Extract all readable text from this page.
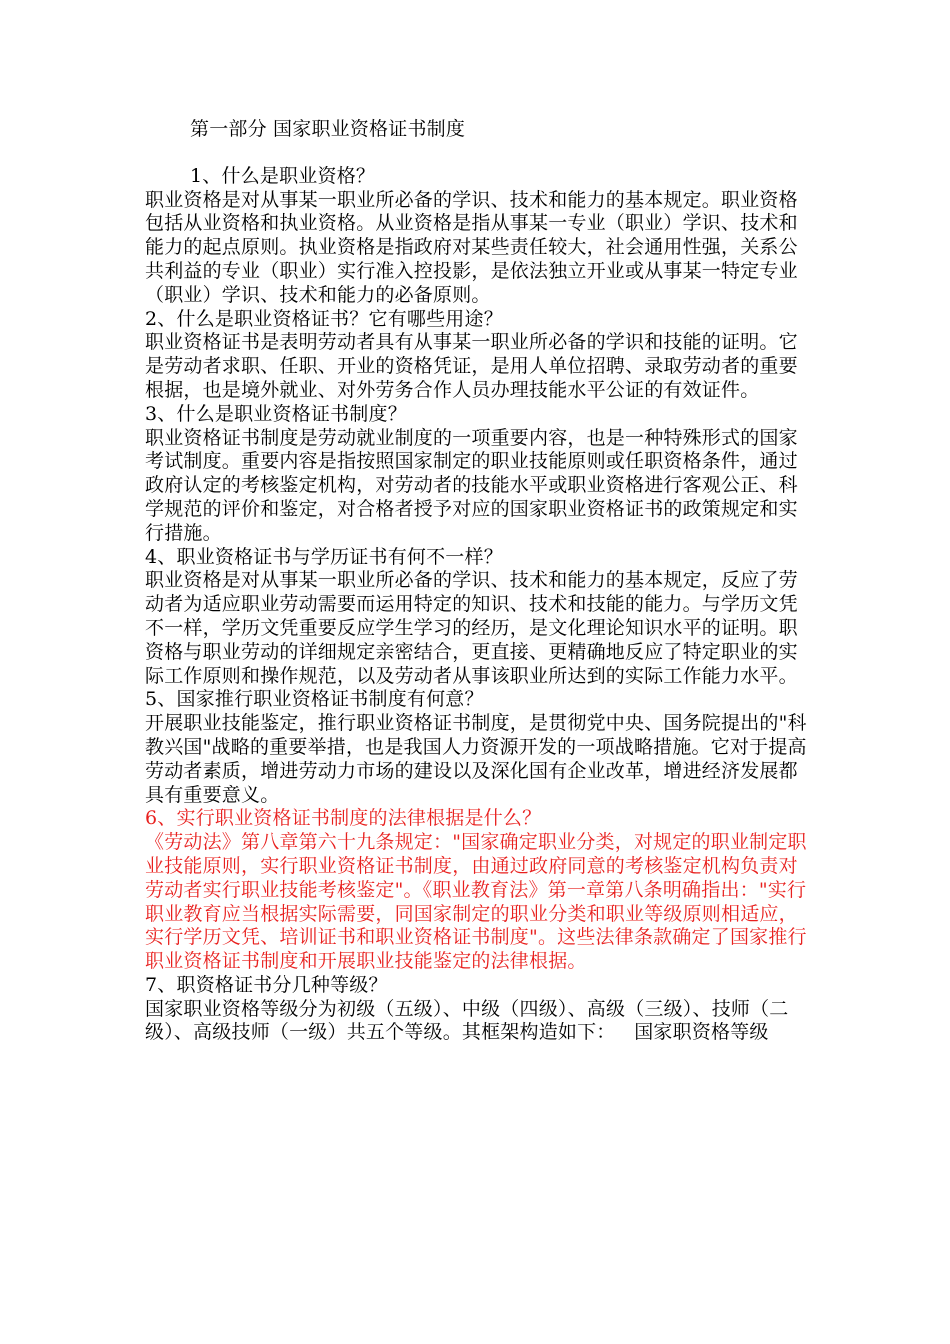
第一部分 国家职业资格证书制度

1、什么是职业资格？

职业资格是对从事某一职业所必备的学识、技术和能力的基本规定。职业资格包括从业资格和执业资格。从业资格是指从事某一专业（职业）学识、技术和能力的起点原则。执业资格是指政府对某些责任较大，社会通用性强，关系公共利益的专业（职业）实行准入控投影，是依法独立开业或从事某一特定专业（职业）学识、技术和能力的必备原则。

2、什么是职业资格证书？它有哪些用途？

职业资格证书是表明劳动者具有从事某一职业所必备的学识和技能的证明。它是劳动者求职、任职、开业的资格凭证，是用人单位招聘、录取劳动者的重要根据，也是境外就业、对外劳务合作人员办理技能水平公证的有效证件。

3、什么是职业资格证书制度？

职业资格证书制度是劳动就业制度的一项重要内容，也是一种特殊形式的国家考试制度。重要内容是指按照国家制定的职业技能原则或任职资格条件，通过政府认定的考核鉴定机构，对劳动者的技能水平或职业资格进行客观公正、科学规范的评价和鉴定，对合格者授予对应的国家职业资格证书的政策规定和实行措施。

4、职业资格证书与学历证书有何不一样？

职业资格是对从事某一职业所必备的学识、技术和能力的基本规定，反应了劳动者为适应职业劳动需要而运用特定的知识、技术和技能的能力。与学历文凭不一样，学历文凭重要反应学生学习的经历，是文化理论知识水平的证明。职资格与职业劳动的详细规定亲密结合，更直接、更精确地反应了特定职业的实际工作原则和操作规范，以及劳动者从事该职业所达到的实际工作能力水平。

5、国家推行职业资格证书制度有何意？

开展职业技能鉴定，推行职业资格证书制度，是贯彻党中央、国务院提出的"科教兴国"战略的重要举措，也是我国人力资源开发的一项战略措施。它对于提高劳动者素质，增进劳动力市场的建设以及深化国有企业改革，增进经济发展都具有重要意义。

6、实行职业资格证书制度的法律根据是什么？

《劳动法》第八章第六十九条规定："国家确定职业分类，对规定的职业制定职业技能原则，实行职业资格证书制度，由通过政府同意的考核鉴定机构负责对劳动者实行职业技能考核鉴定"。《职业教育法》第一章第八条明确指出："实行职业教育应当根据实际需要，同国家制定的职业分类和职业等级原则相适应，实行学历文凭、培训证书和职业资格证书制度"。这些法律条款确定了国家推行职业资格证书制度和开展职业技能鉴定的法律根据。

7、职资格证书分几种等级？

国家职业资格等级分为初级（五级）、中级（四级）、高级（三级）、技师（二级）、高级技师（一级）共五个等级。其框架构造如下： 国家职资格等级
